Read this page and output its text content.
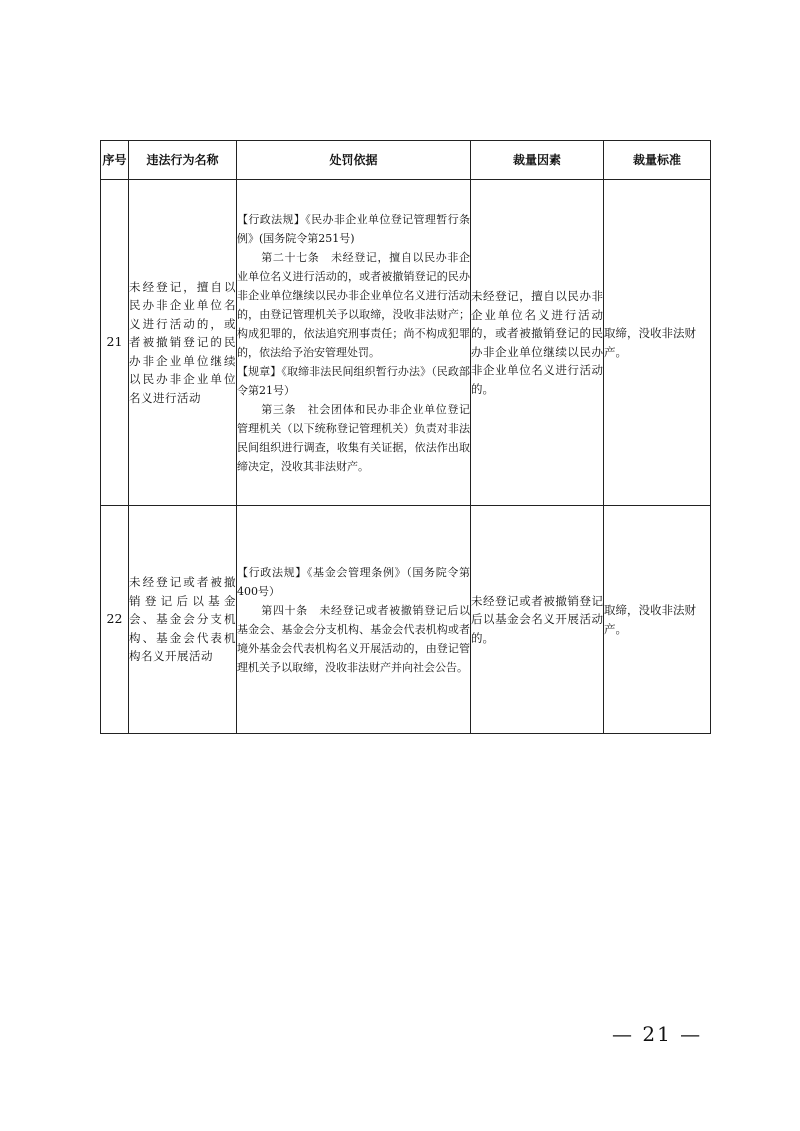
序号	违法行为名称	处罚依据	裁量因素	裁量标准
21	未经登记，擅自以民办非企业单位名义进行活动的，或者被撤销登记的民办非企业单位继续以民办非企业单位名义进行活动	【行政法规】《民办非企业单位登记管理暂行条例》(国务院令第251号)

第二十七条　未经登记，擅自以民办非企业单位名义进行活动的，或者被撤销登记的民办非企业单位继续以民办非企业单位名义进行活动的，由登记管理机关予以取缔，没收非法财产；构成犯罪的，依法追究刑事责任；尚不构成犯罪的，依法给予治安管理处罚。

【规章】《取缔非法民间组织暂行办法》（民政部令第21号）

第三条　社会团体和民办非企业单位登记管理机关（以下统称登记管理机关）负责对非法民间组织进行调查，收集有关证据，依法作出取缔决定，没收其非法财产。	未经登记，擅自以民办非企业单位名义进行活动的，或者被撤销登记的民办非企业单位继续以民办非企业单位名义进行活动的。	取缔，没收非法财产。
22	未经登记或者被撤销登记后以基金会、基金会分支机构、基金会代表机构名义开展活动	【行政法规】《基金会管理条例》（国务院令第400号）

第四十条　未经登记或者被撤销登记后以基金会、基金会分支机构、基金会代表机构或者境外基金会代表机构名义开展活动的，由登记管理机关予以取缔，没收非法财产并向社会公告。	未经登记或者被撤销登记后以基金会名义开展活动的。	取缔，没收非法财产。
— 21 —
